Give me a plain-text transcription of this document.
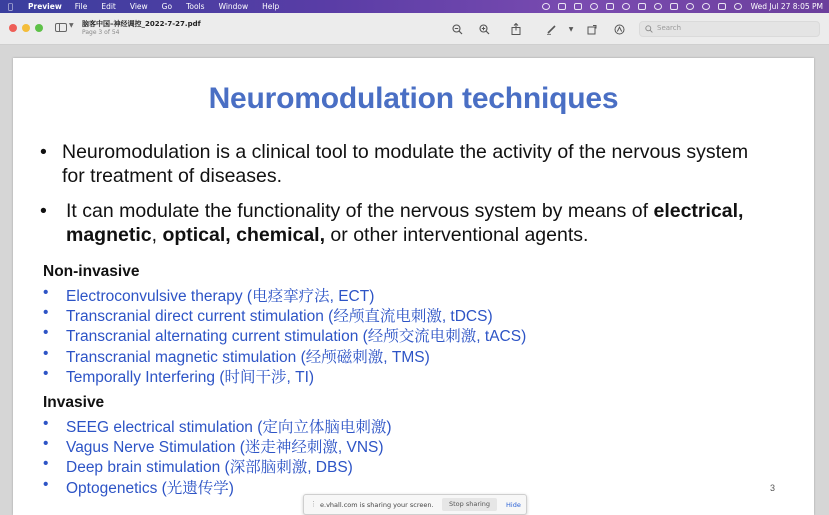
Preview File Edit View Go Tools Window Help	Wed Jul 27 8:05 PM
▼ 脑客中国–神经调控_2022-7-27.pdf
Page 3 of 54	▼	Search
Neuromodulation techniques
• Neuromodulation is a clinical tool to modulate the activity of the nervous system
for treatment of diseases.
• It can modulate the functionality of the nervous system by means of electrical,
magnetic, optical, chemical, or other interventional agents.
Non-invasive
• Electroconvulsive therapy (电痉挛疗法, ECT)
• Transcranial direct current stimulation (经颅直流电刺激, tDCS)
• Transcranial alternating current stimulation (经颅交流电刺激, tACS)
• Transcranial magnetic stimulation (经颅磁刺激, TMS)
• Temporally Interfering (时间干涉, TI)
Invasive
• SEEG electrical stimulation (定向立体脑电刺激)
• Vagus Nerve Stimulation (迷走神经刺激, VNS)
• Deep brain stimulation (深部脑刺激, DBS)
• Optogenetics (光遗传学)	3
⋮ e.vhall.com is sharing your screen.	Stop sharing	Hide
